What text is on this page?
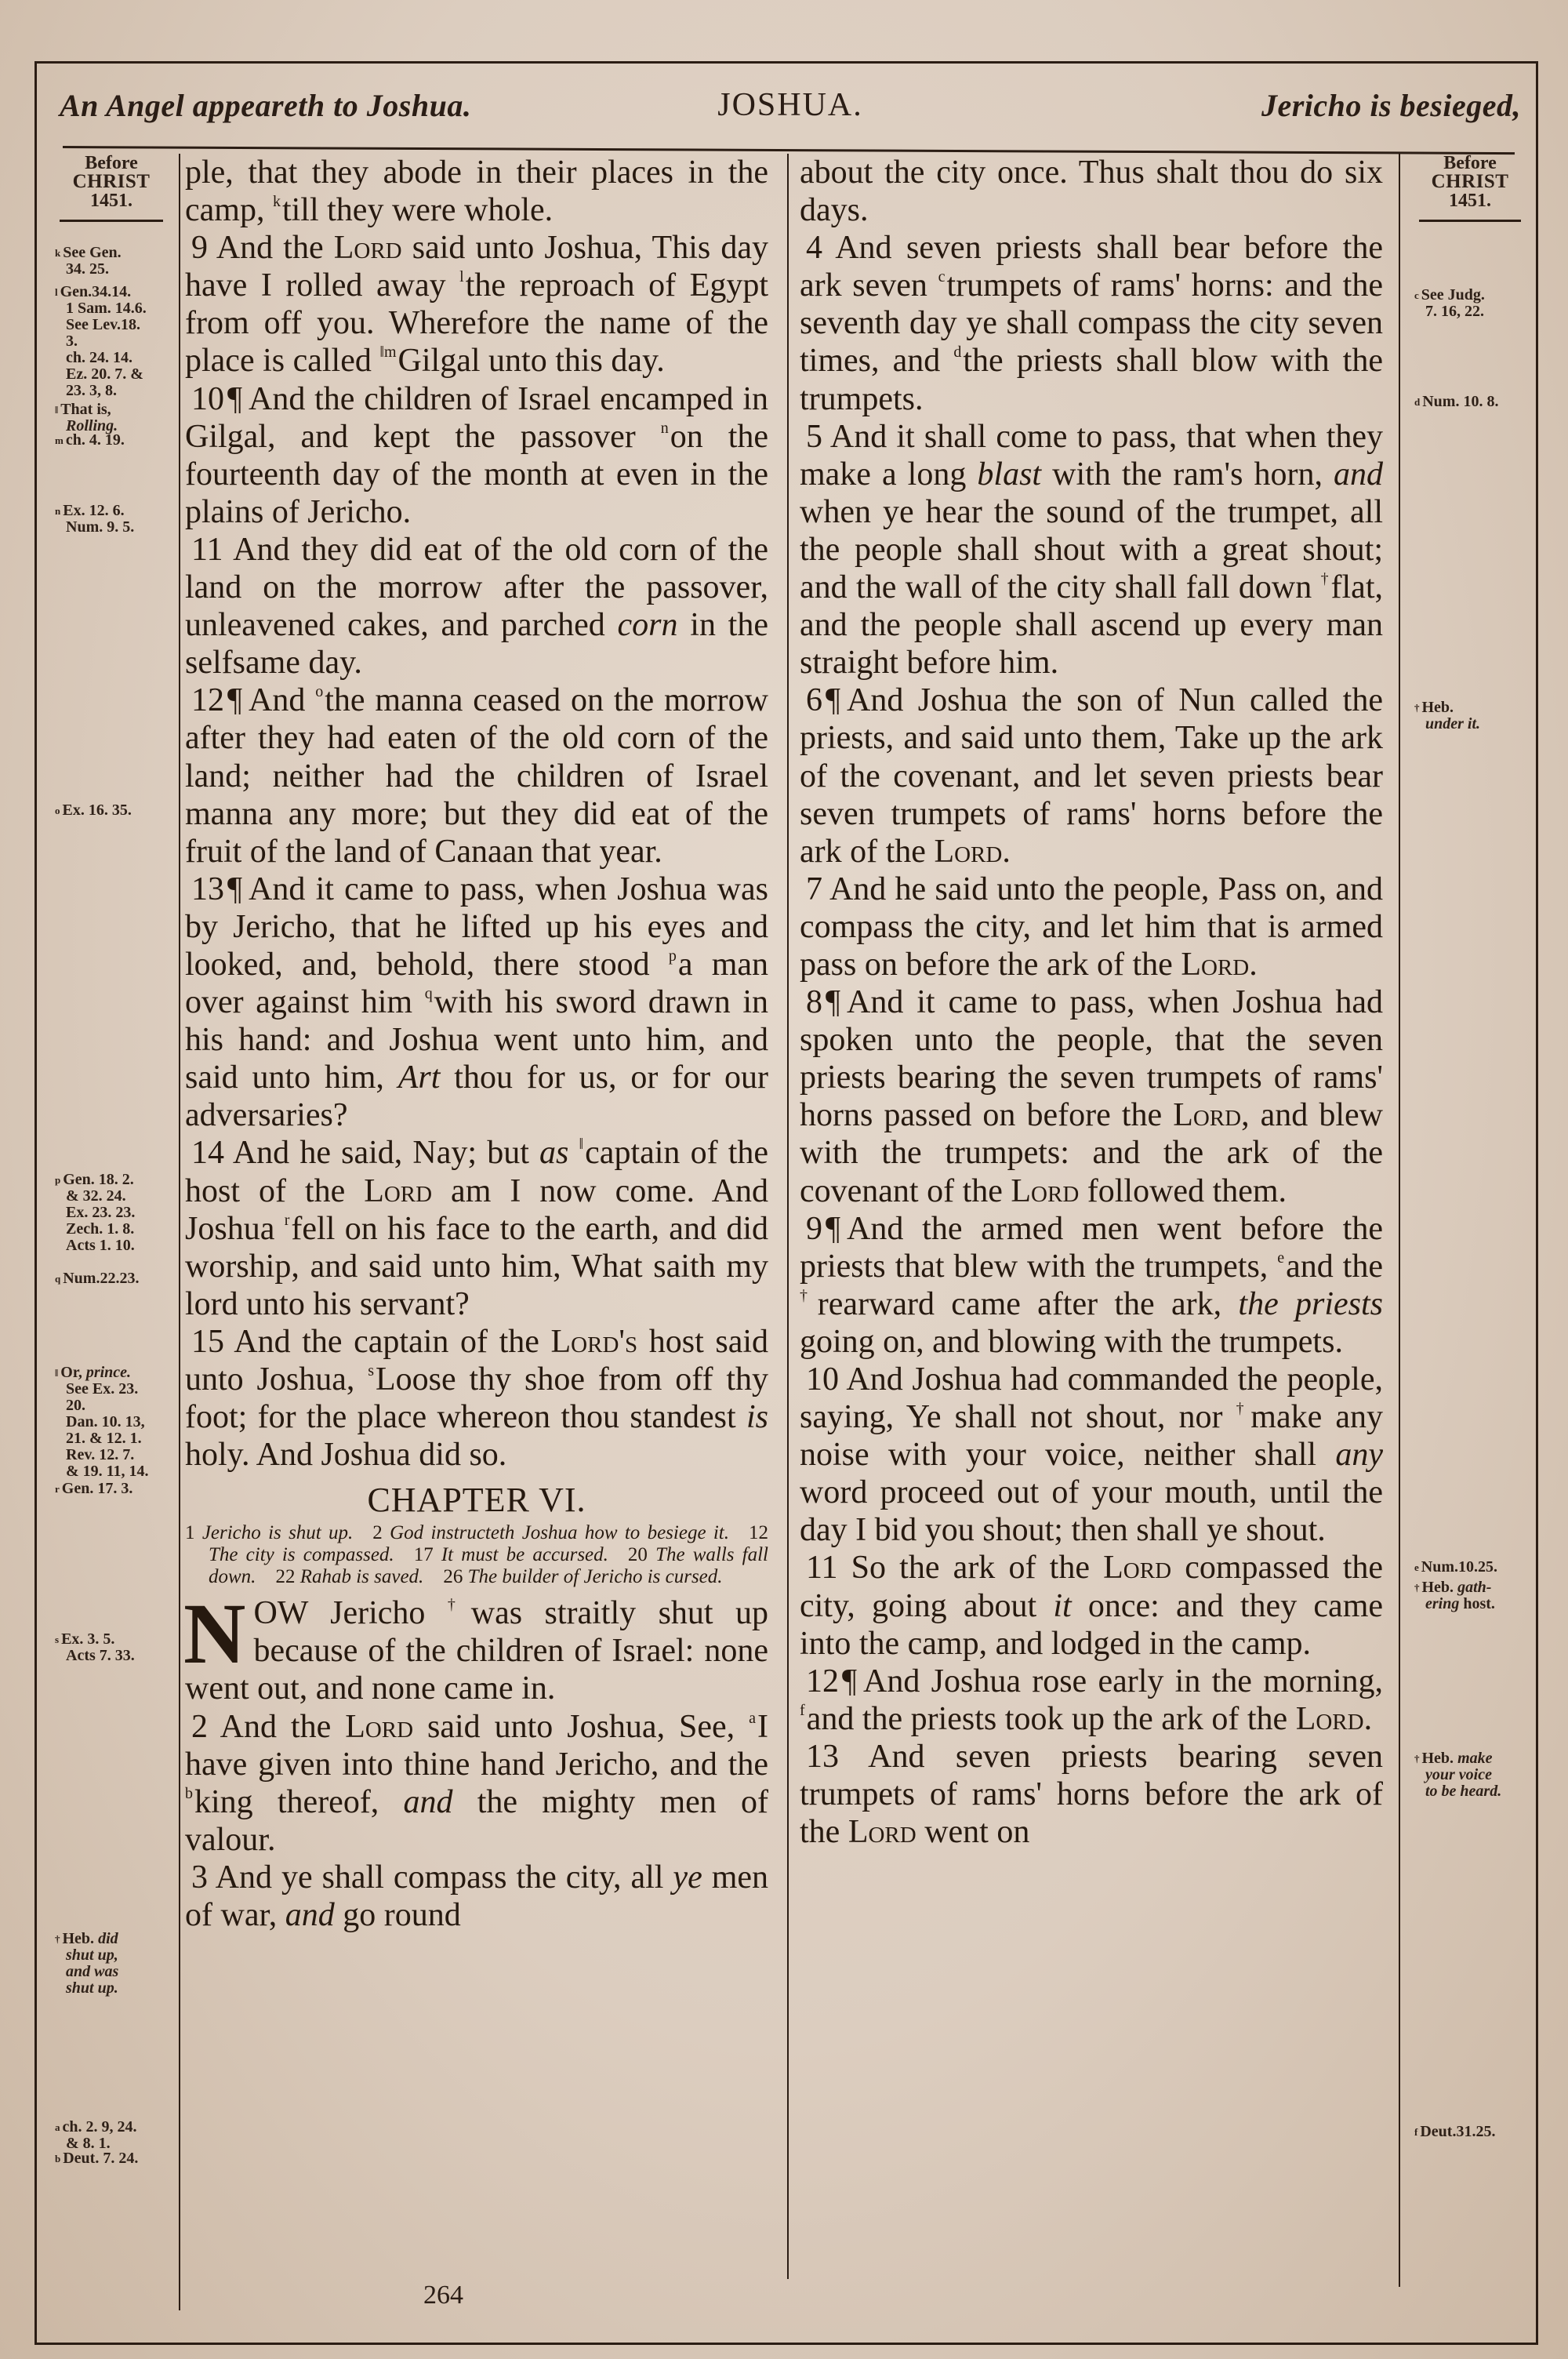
An Angel appeareth to Joshua.	JOSHUA.	Jericho is besieged,
Before
CHRIST
1451.
$^k$ See Gen.
34. 25.
$^l$ Gen.34.14.
1 Sam. 14.6.
See Lev.18.
3.
ch. 24. 14.
Ez. 20. 7. &
23. 3, 8.
‖ That is,
Rolling.
$^m$ ch. 4. 19.
$^n$ Ex. 12. 6.
Num. 9. 5.
$^o$ Ex. 16. 35.
$^p$ Gen. 18. 2.
& 32. 24.
Ex. 23. 23.
Zech. 1. 8.
Acts 1. 10.
$^q$ Num.22.23.
‖ Or, prince.
See Ex. 23.
20.
Dan. 10. 13,
21. & 12. 1.
Rev. 12. 7.
& 19. 11, 14.
$^r$ Gen. 17. 3.
$^s$ Ex. 3. 5.
Acts 7. 33.
† Heb. did
shut up,
and was
shut up.
$^a$ ch. 2. 9, 24.
& 8. 1.
$^b$ Deut. 7. 24.
Before
CHRIST
1451.
$^c$ See Judg.
7. 16, 22.
$^d$ Num. 10. 8.
† Heb.
under it.
$^e$ Num.10.25.
† Heb. gath-
ering host.
† Heb. make
your voice
to be heard.
$^f$ Deut.31.25.

ple, that they abode in their places in the camp, $^k$till they were whole.

9 And the Lord said unto Joshua, This day have I rolled away $^l$the reproach of Egypt from off you. Wherefore the name of the place is called $^{‖m}$Gilgal unto this day.

10¶ And the children of Israel encamped in Gilgal, and kept the passover $^n$on the fourteenth day of the month at even in the plains of Jericho.

11 And they did eat of the old corn of the land on the morrow after the passover, unleavened cakes, and parched corn in the selfsame day.

12¶ And $^o$the manna ceased on the morrow after they had eaten of the old corn of the land; neither had the children of Israel manna any more; but they did eat of the fruit of the land of Canaan that year.

13¶ And it came to pass, when Joshua was by Jericho, that he lifted up his eyes and looked, and, behold, there stood $^p$a man over against him $^q$with his sword drawn in his hand: and Joshua went unto him, and said unto him, Art thou for us, or for our adversaries?

14 And he said, Nay; but as ‖captain of the host of the Lord am I now come. And Joshua $^r$fell on his face to the earth, and did worship, and said unto him, What saith my lord unto his servant?

15 And the captain of the Lord's host said unto Joshua, $^s$Loose thy shoe from off thy foot; for the place whereon thou standest is holy. And Joshua did so.

CHAPTER VI.
1 Jericho is shut up. 2 God instructeth Joshua how to besiege it. 12 The city is compassed. 17 It must be accursed. 20 The walls fall down. 22 Rahab is saved. 26 The builder of Jericho is cursed.

NOW Jericho †was straitly shut up because of the children of Israel: none went out, and none came in.

2 And the Lord said unto Joshua, See, $^a$I have given into thine hand Jericho, and the $^b$king thereof, and the mighty men of valour.

3 And ye shall compass the city, all ye men of war, and go round

about the city once. Thus shalt thou do six days.

4 And seven priests shall bear before the ark seven $^c$trumpets of rams' horns: and the seventh day ye shall compass the city seven times, and $^d$the priests shall blow with the trumpets.

5 And it shall come to pass, that when they make a long blast with the ram's horn, and when ye hear the sound of the trumpet, all the people shall shout with a great shout; and the wall of the city shall fall down †flat, and the people shall ascend up every man straight before him.

6¶ And Joshua the son of Nun called the priests, and said unto them, Take up the ark of the covenant, and let seven priests bear seven trumpets of rams' horns before the ark of the Lord.

7 And he said unto the people, Pass on, and compass the city, and let him that is armed pass on before the ark of the Lord.

8¶ And it came to pass, when Joshua had spoken unto the people, that the seven priests bearing the seven trumpets of rams' horns passed on before the Lord, and blew with the trumpets: and the ark of the covenant of the Lord followed them.

9¶ And the armed men went before the priests that blew with the trumpets, $^e$and the †rearward came after the ark, the priests going on, and blowing with the trumpets.

10 And Joshua had commanded the people, saying, Ye shall not shout, nor †make any noise with your voice, neither shall any word proceed out of your mouth, until the day I bid you shout; then shall ye shout.

11 So the ark of the Lord compassed the city, going about it once: and they came into the camp, and lodged in the camp.

12¶ And Joshua rose early in the morning, $^f$and the priests took up the ark of the Lord.

13 And seven priests bearing seven trumpets of rams' horns before the ark of the Lord went on

264
